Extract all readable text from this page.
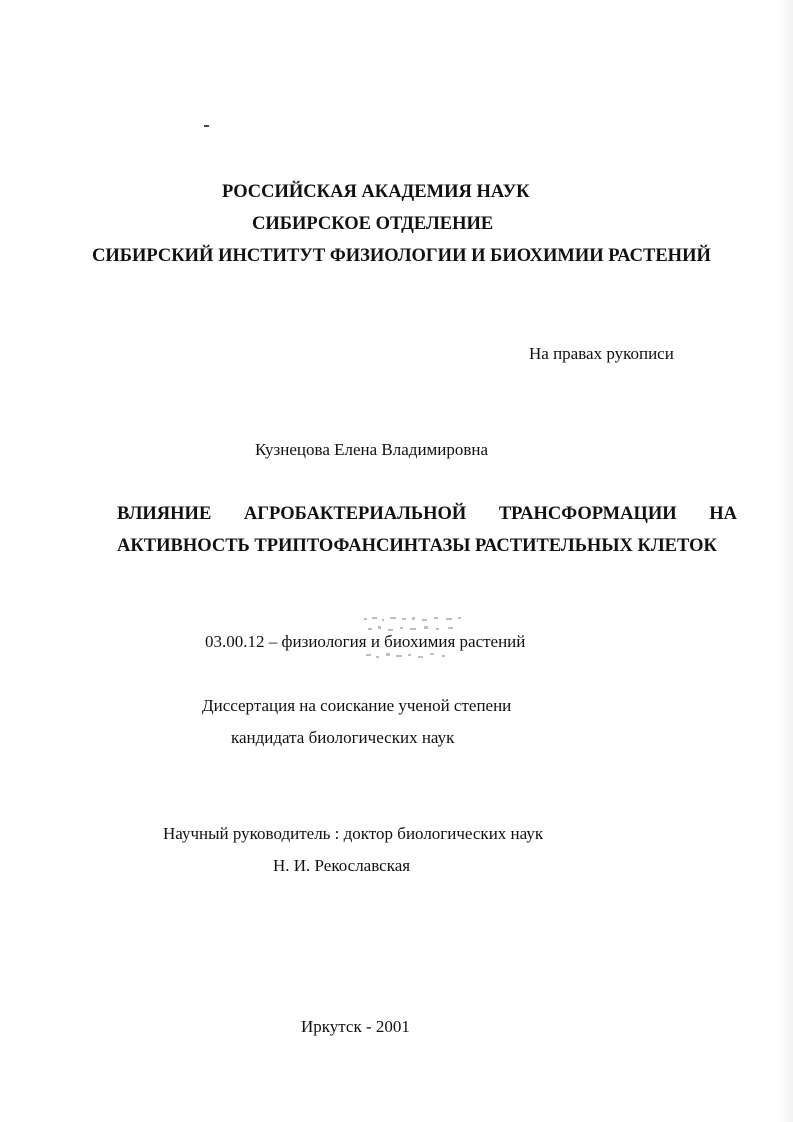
РОССИЙСКАЯ АКАДЕМИЯ НАУК
СИБИРСКОЕ ОТДЕЛЕНИЕ
СИБИРСКИЙ ИНСТИТУТ ФИЗИОЛОГИИ И БИОХИМИИ РАСТЕНИЙ
На правах рукописи
Кузнецова Елена Владимировна
ВЛИЯНИЕ АГРОБАКТЕРИАЛЬНОЙ ТРАНСФОРМАЦИИ НА
АКТИВНОСТЬ ТРИПТОФАНСИНТАЗЫ РАСТИТЕЛЬНЫХ КЛЕТОК
03.00.12 – физиология и биохимия растений
Диссертация на соискание ученой степени
кандидата биологических наук
Научный руководитель : доктор биологических наук
Н. И. Рекославская
Иркутск - 2001
